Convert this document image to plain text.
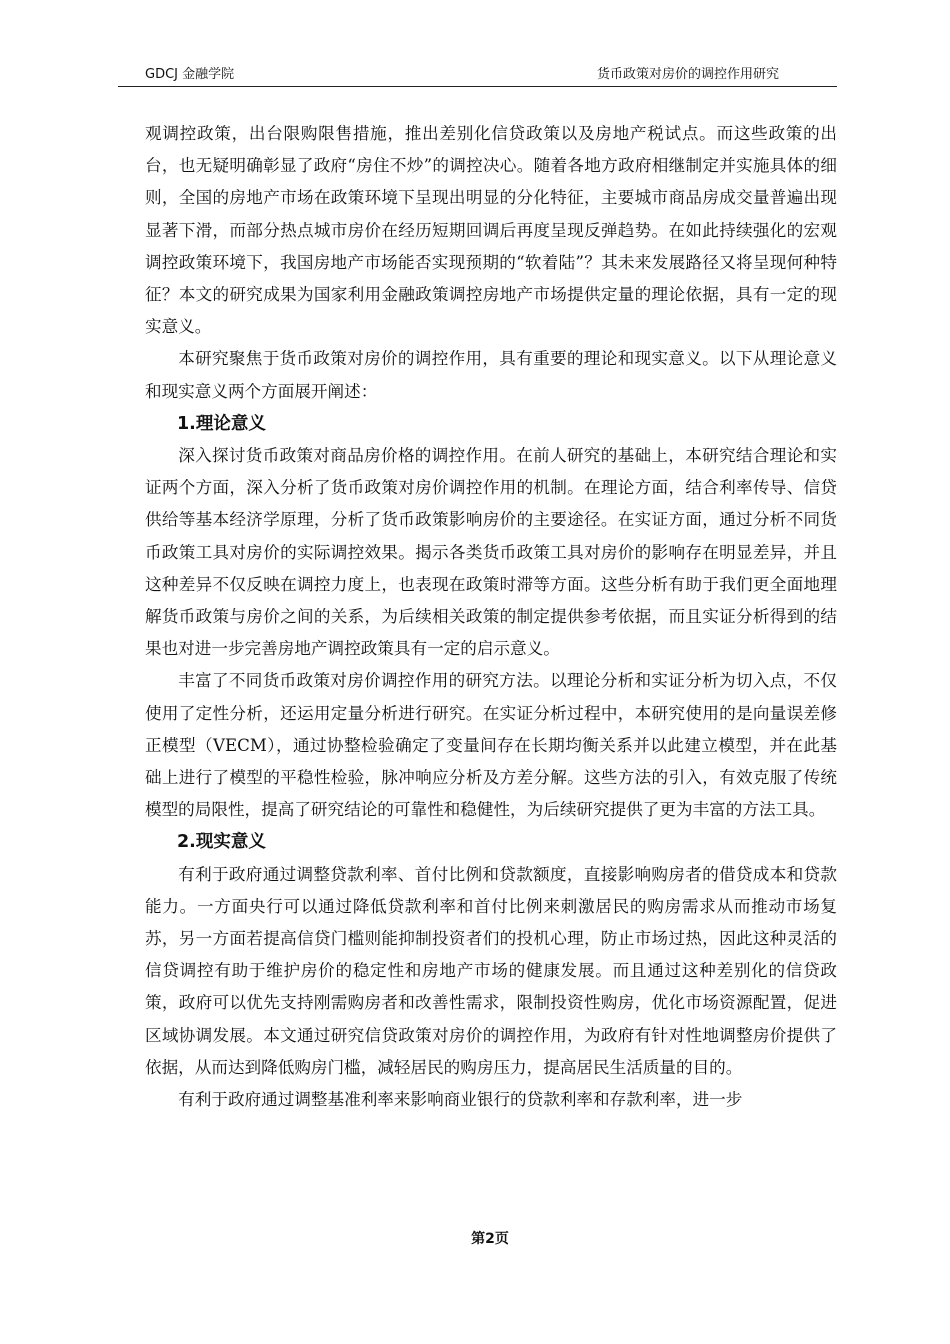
GDCJ 金融学院	货币政策对房价的调控作用研究

观调控政策，出台限购限售措施，推出差别化信贷政策以及房地产税试点。而这些政策的出台，也无疑明确彰显了政府“房住不炒”的调控决心。随着各地方政府相继制定并实施具体的细则，全国的房地产市场在政策环境下呈现出明显的分化特征，主要城市商品房成交量普遍出现显著下滑，而部分热点城市房价在经历短期回调后再度呈现反弹趋势。在如此持续强化的宏观调控政策环境下，我国房地产市场能否实现预期的“软着陆”？其未来发展路径又将呈现何种特征？本文的研究成果为国家利用金融政策调控房地产市场提供定量的理论依据，具有一定的现实意义。

本研究聚焦于货币政策对房价的调控作用，具有重要的理论和现实意义。以下从理论意义和现实意义两个方面展开阐述：

1.理论意义

深入探讨货币政策对商品房价格的调控作用。在前人研究的基础上，本研究结合理论和实证两个方面，深入分析了货币政策对房价调控作用的机制。在理论方面，结合利率传导、信贷供给等基本经济学原理，分析了货币政策影响房价的主要途径。在实证方面，通过分析不同货币政策工具对房价的实际调控效果。揭示各类货币政策工具对房价的影响存在明显差异，并且这种差异不仅反映在调控力度上，也表现在政策时滞等方面。这些分析有助于我们更全面地理解货币政策与房价之间的关系，为后续相关政策的制定提供参考依据，而且实证分析得到的结果也对进一步完善房地产调控政策具有一定的启示意义。

丰富了不同货币政策对房价调控作用的研究方法。以理论分析和实证分析为切入点，不仅使用了定性分析，还运用定量分析进行研究。在实证分析过程中，本研究使用的是向量误差修正模型（VECM），通过协整检验确定了变量间存在长期均衡关系并以此建立模型，并在此基础上进行了模型的平稳性检验，脉冲响应分析及方差分解。这些方法的引入，有效克服了传统模型的局限性，提高了研究结论的可靠性和稳健性，为后续研究提供了更为丰富的方法工具。

2.现实意义

有利于政府通过调整贷款利率、首付比例和贷款额度，直接影响购房者的借贷成本和贷款能力。一方面央行可以通过降低贷款利率和首付比例来刺激居民的购房需求从而推动市场复苏，另一方面若提高信贷门槛则能抑制投资者们的投机心理，防止市场过热，因此这种灵活的信贷调控有助于维护房价的稳定性和房地产市场的健康发展。而且通过这种差别化的信贷政策，政府可以优先支持刚需购房者和改善性需求，限制投资性购房，优化市场资源配置，促进区域协调发展。本文通过研究信贷政策对房价的调控作用，为政府有针对性地调整房价提供了依据，从而达到降低购房门槛，减轻居民的购房压力，提高居民生活质量的目的。

有利于政府通过调整基准利率来影响商业银行的贷款利率和存款利率，进一步

第2页
